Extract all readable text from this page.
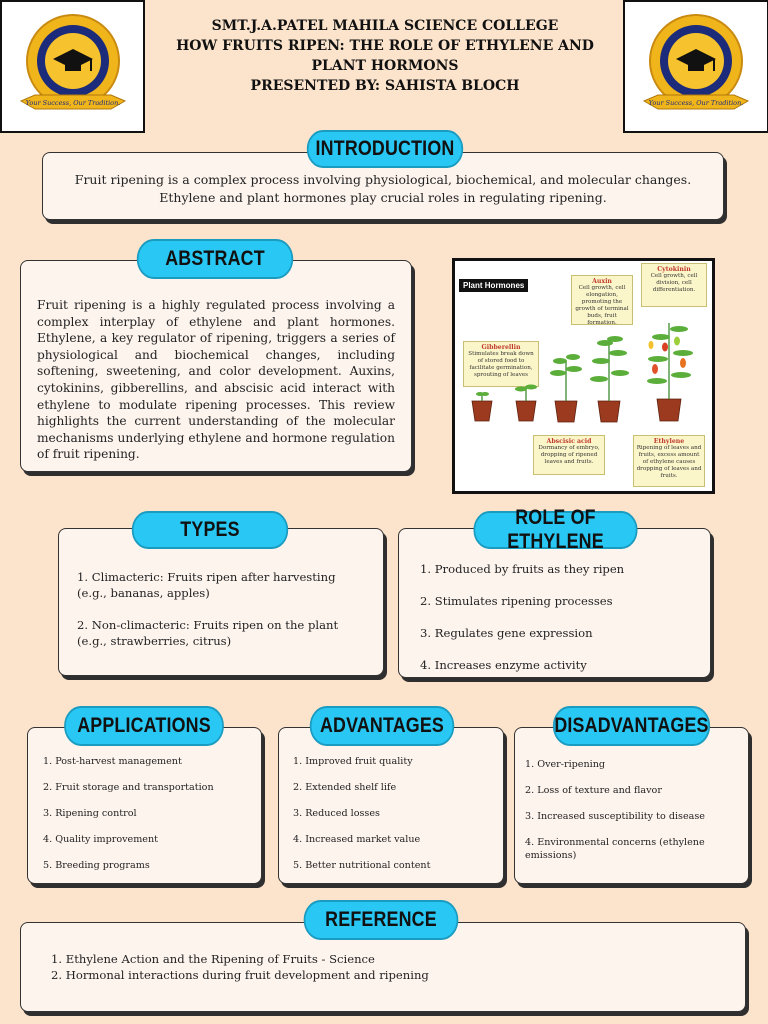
Your Success, Our Tradition.	Your Success, Our Tradition.
SMT.J.A.PATEL MAHILA SCIENCE COLLEGE
HOW FRUITS RIPEN: THE ROLE OF ETHYLENE AND
PLANT HORMONS
PRESENTED BY: SAHISTA BLOCH
Fruit ripening is a complex process involving physiological, biochemical, and molecular changes.
Ethylene and plant hormones play crucial roles in regulating ripening.
INTRODUCTION
Fruit ripening is a highly regulated process involving a complex interplay of ethylene and plant hormones. Ethylene, a key regulator of ripening, triggers a series of physiological and biochemical changes, including softening, sweetening, and color development. Auxins, cytokinins, gibberellins, and abscisic acid interact with ethylene to modulate ripening processes. This review highlights the current understanding of the molecular mechanisms underlying ethylene and hormone regulation of fruit ripening.
ABSTRACT
Plant Hormones	Auxin
Cell growth, cell elongation, promoting the growth of terminal buds, fruit formation.
Cytokinin
Cell growth, cell division, cell differentiation.
Gibberellin
Stimulates break down of stored food to facilitate germination, sprouting of leaves
Abscisic acid
Dormancy of embryo, dropping of ripened leaves and fruits.
Ethylene
Ripening of leaves and fruits, excess amount of ethylene causes dropping of leaves and fruits.
1. Climacteric: Fruits ripen after harvesting
(e.g., bananas, apples)
2. Non-climacteric: Fruits ripen on the plant
(e.g., strawberries, citrus)
TYPES
1. Produced by fruits as they ripen
2. Stimulates ripening processes
3. Regulates gene expression
4. Increases enzyme activity
ROLE OF ETHYLENE
1. Post-harvest management
2. Fruit storage and transportation
3. Ripening control
4. Quality improvement
5. Breeding programs
APPLICATIONS
1. Improved fruit quality
2. Extended shelf life
3. Reduced losses
4. Increased market value
5. Better nutritional content
ADVANTAGES
1. Over-ripening
2. Loss of texture and flavor
3. Increased susceptibility to disease
4. Environmental concerns (ethylene
emissions)
DISADVANTAGES
1. Ethylene Action and the Ripening of Fruits - Science
2. Hormonal interactions during fruit development and ripening
REFERENCE
